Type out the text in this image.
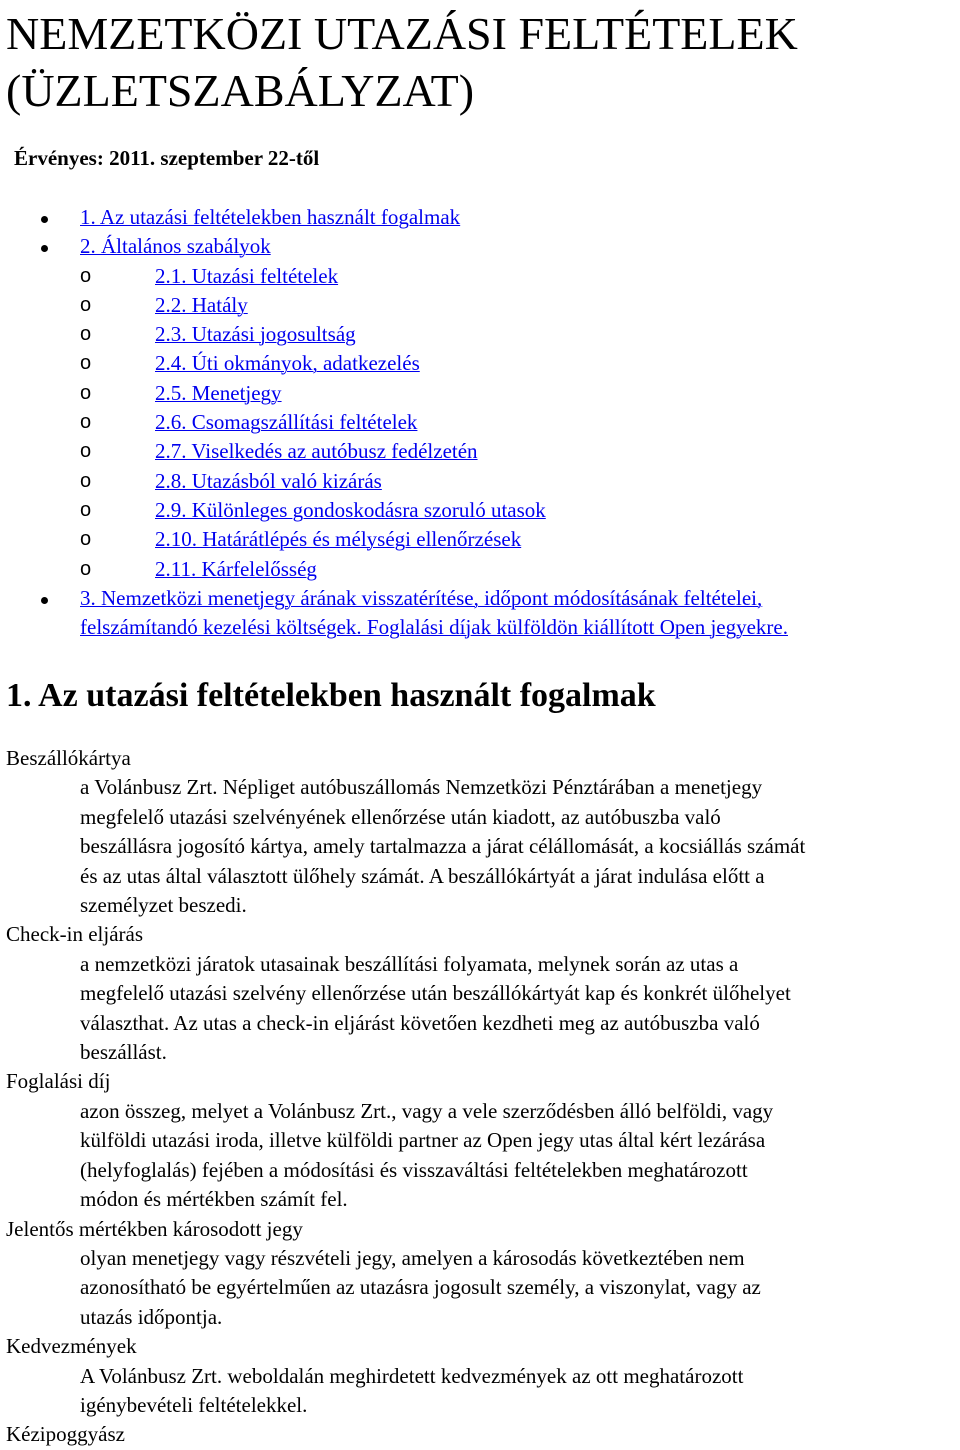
NEMZETKÖZI UTAZÁSI FELTÉTELEK
(ÜZLETSZABÁLYZAT)

Érvényes: 2011. szeptember 22-től

1. Az utazási feltételekben használt fogalmak
2. Általános szabályok
o	2.1. Utazási feltételek
o	2.2. Hatály
o	2.3. Utazási jogosultság
o	2.4. Úti okmányok, adatkezelés
o	2.5. Menetjegy
o	2.6. Csomagszállítási feltételek
o	2.7. Viselkedés az autóbusz fedélzetén
o	2.8. Utazásból való kizárás
o	2.9. Különleges gondoskodásra szoruló utasok
o	2.10. Határátlépés és mélységi ellenőrzések
o	2.11. Kárfelelősség
3. Nemzetközi menetjegy árának visszatérítése, időpont módosításának feltételei,
felszámítandó kezelési költségek. Foglalási díjak külföldön kiállított Open jegyekre.
1. Az utazási feltételekben használt fogalmak
Beszállókártya
a Volánbusz Zrt. Népliget autóbuszállomás Nemzetközi Pénztárában a menetjegy
megfelelő utazási szelvényének ellenőrzése után kiadott, az autóbuszba való
beszállásra jogosító kártya, amely tartalmazza a járat célállomását, a kocsiállás számát
és az utas által választott ülőhely számát. A beszállókártyát a járat indulása előtt a
személyzet beszedi.
Check-in eljárás
a nemzetközi járatok utasainak beszállítási folyamata, melynek során az utas a
megfelelő utazási szelvény ellenőrzése után beszállókártyát kap és konkrét ülőhelyet
választhat. Az utas a check-in eljárást követően kezdheti meg az autóbuszba való
beszállást.
Foglalási díj
azon összeg, melyet a Volánbusz Zrt., vagy a vele szerződésben álló belföldi, vagy
külföldi utazási iroda, illetve külföldi partner az Open jegy utas által kért lezárása
(helyfoglalás) fejében a módosítási és visszaváltási feltételekben meghatározott
módon és mértékben számít fel.
Jelentős mértékben károsodott jegy
olyan menetjegy vagy részvételi jegy, amelyen a károsodás következtében nem
azonosítható be egyértelműen az utazásra jogosult személy, a viszonylat, vagy az
utazás időpontja.
Kedvezmények
A Volánbusz Zrt. weboldalán meghirdetett kedvezmények az ott meghatározott
igénybevételi feltételekkel.
Kézipoggyász
